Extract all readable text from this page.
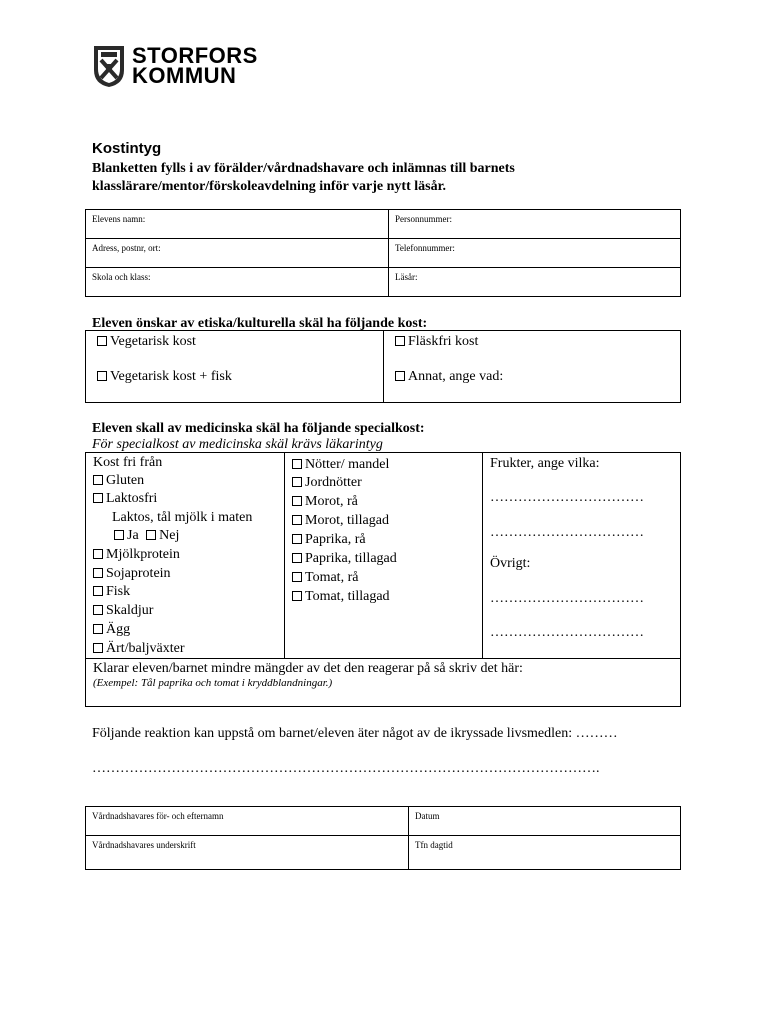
STORFORS
KOMMUN
Kostintyg
Blanketten fylls i av förälder/vårdnadshavare och inlämnas till barnets klasslärare/mentor/förskoleavdelning inför varje nytt läsår.
Elevens namn:	Personnummer:
Adress, postnr, ort:	Telefonnummer:
Skola och klass:	Läsår:
Eleven önskar av etiska/kulturella skäl ha följande kost:
Vegetarisk kost	Fläskfri kost
Vegetarisk kost + fisk	Annat, ange vad:
Eleven skall av medicinska skäl ha följande specialkost:
För specialkost av medicinska skäl krävs läkarintyg
Kost fri från
Gluten
Laktosfri
Laktos, tål mjölk i maten
Ja Nej
Mjölkprotein
Sojaprotein
Fisk
Skaldjur
Ägg
Ärt/baljväxter
Nötter/ mandel
Jordnötter
Morot, rå
Morot, tillagad
Paprika, rå
Paprika, tillagad
Tomat, rå
Tomat, tillagad
Frukter, ange vilka:
……………………………
……………………………
Övrigt:
……………………………
……………………………
Klarar eleven/barnet mindre mängder av det den reagerar på så skriv det här:
(Exempel: Tål paprika och tomat i kryddblandningar.)
Följande reaktion kan uppstå om barnet/eleven äter något av de ikryssade livsmedlen: ………
……………………………………………………………………………………………….
Vårdnadshavares för- och efternamn	Datum
Vårdnadshavares underskrift	Tfn dagtid
